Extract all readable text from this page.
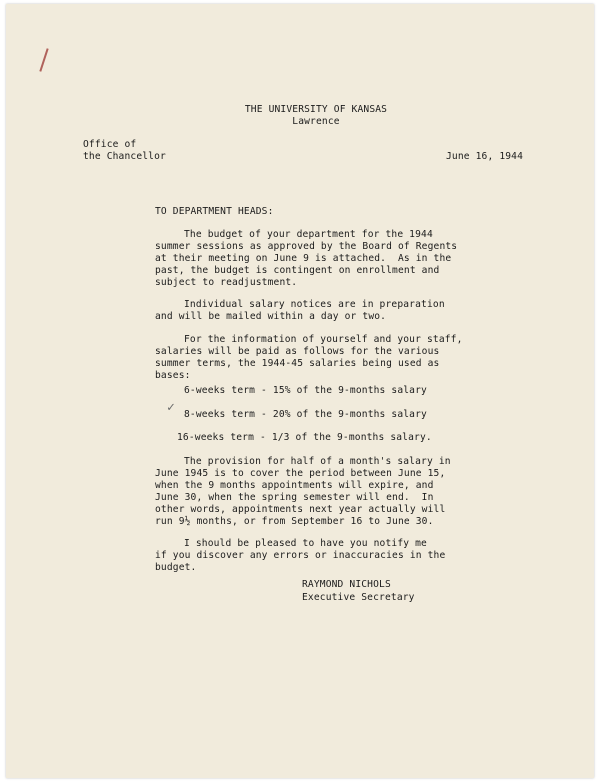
THE UNIVERSITY OF KANSAS
Lawrence
Office of
the Chancellor	June 16, 1944
TO DEPARTMENT HEADS:
The budget of your department for the 1944
summer sessions as approved by the Board of Regents
at their meeting on June 9 is attached.  As in the
past, the budget is contingent on enrollment and
subject to readjustment.
Individual salary notices are in preparation
and will be mailed within a day or two.
For the information of yourself and your staff,
salaries will be paid as follows for the various
summer terms, the 1944-45 salaries being used as
bases:
6-weeks term - 15% of the 9-months salary
✓ 8-weeks term - 20% of the 9-months salary
16-weeks term - 1/3 of the 9-months salary.
The provision for half of a month's salary in
June 1945 is to cover the period between June 15,
when the 9 months appointments will expire, and
June 30, when the spring semester will end.  In
other words, appointments next year actually will
run 9½ months, or from September 16 to June 30.
I should be pleased to have you notify me
if you discover any errors or inaccuracies in the
budget.
RAYMOND NICHOLS
Executive Secretary
